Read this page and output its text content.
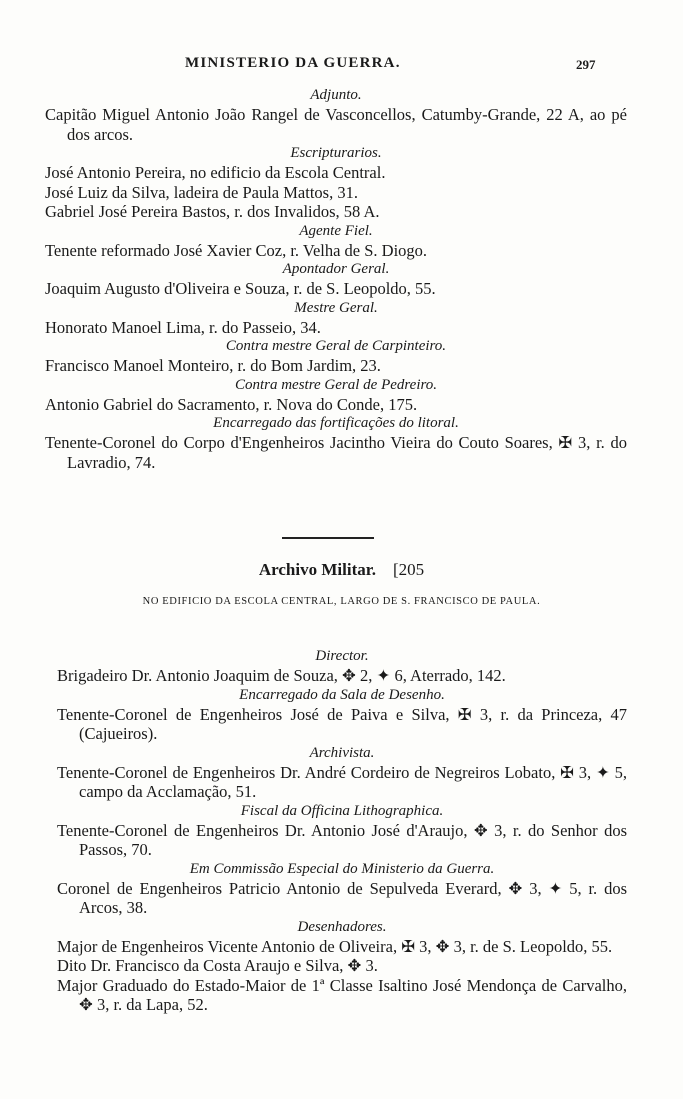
MINISTERIO DA GUERRA.	297
Adjunto.
Capitão Miguel Antonio João Rangel de Vasconcellos, Catumby-Grande, 22 A, ao pé dos arcos.
Escripturarios.
José Antonio Pereira, no edificio da Escola Central.
José Luiz da Silva, ladeira de Paula Mattos, 31.
Gabriel José Pereira Bastos, r. dos Invalidos, 58 A.
Agente Fiel.
Tenente reformado José Xavier Coz, r. Velha de S. Diogo.
Apontador Geral.
Joaquim Augusto d'Oliveira e Souza, r. de S. Leopoldo, 55.
Mestre Geral.
Honorato Manoel Lima, r. do Passeio, 34.
Contra mestre Geral de Carpinteiro.
Francisco Manoel Monteiro, r. do Bom Jardim, 23.
Contra mestre Geral de Pedreiro.
Antonio Gabriel do Sacramento, r. Nova do Conde, 175.
Encarregado das fortificações do litoral.
Tenente-Coronel do Corpo d'Engenheiros Jacintho Vieira do Couto Soares, ✠ 3, r. do Lavradio, 74.
Archivo Militar. [205
NO EDIFICIO DA ESCOLA CENTRAL, LARGO DE S. FRANCISCO DE PAULA.
Director.
Brigadeiro Dr. Antonio Joaquim de Souza, ✥ 2, ✦ 6, Aterrado, 142.
Encarregado da Sala de Desenho.
Tenente-Coronel de Engenheiros José de Paiva e Silva, ✠ 3, r. da Princeza, 47 (Cajueiros).
Archivista.
Tenente-Coronel de Engenheiros Dr. André Cordeiro de Negreiros Lobato, ✠ 3, ✦ 5, campo da Acclamação, 51.
Fiscal da Officina Lithographica.
Tenente-Coronel de Engenheiros Dr. Antonio José d'Araujo, ✥ 3, r. do Senhor dos Passos, 70.
Em Commissão Especial do Ministerio da Guerra.
Coronel de Engenheiros Patricio Antonio de Sepulveda Everard, ✥ 3, ✦ 5, r. dos Arcos, 38.
Desenhadores.
Major de Engenheiros Vicente Antonio de Oliveira, ✠ 3, ✥ 3, r. de S. Leopoldo, 55.
Dito Dr. Francisco da Costa Araujo e Silva, ✥ 3.
Major Graduado do Estado-Maior de 1ª Classe Isaltino José Mendonça de Carvalho, ✥ 3, r. da Lapa, 52.
